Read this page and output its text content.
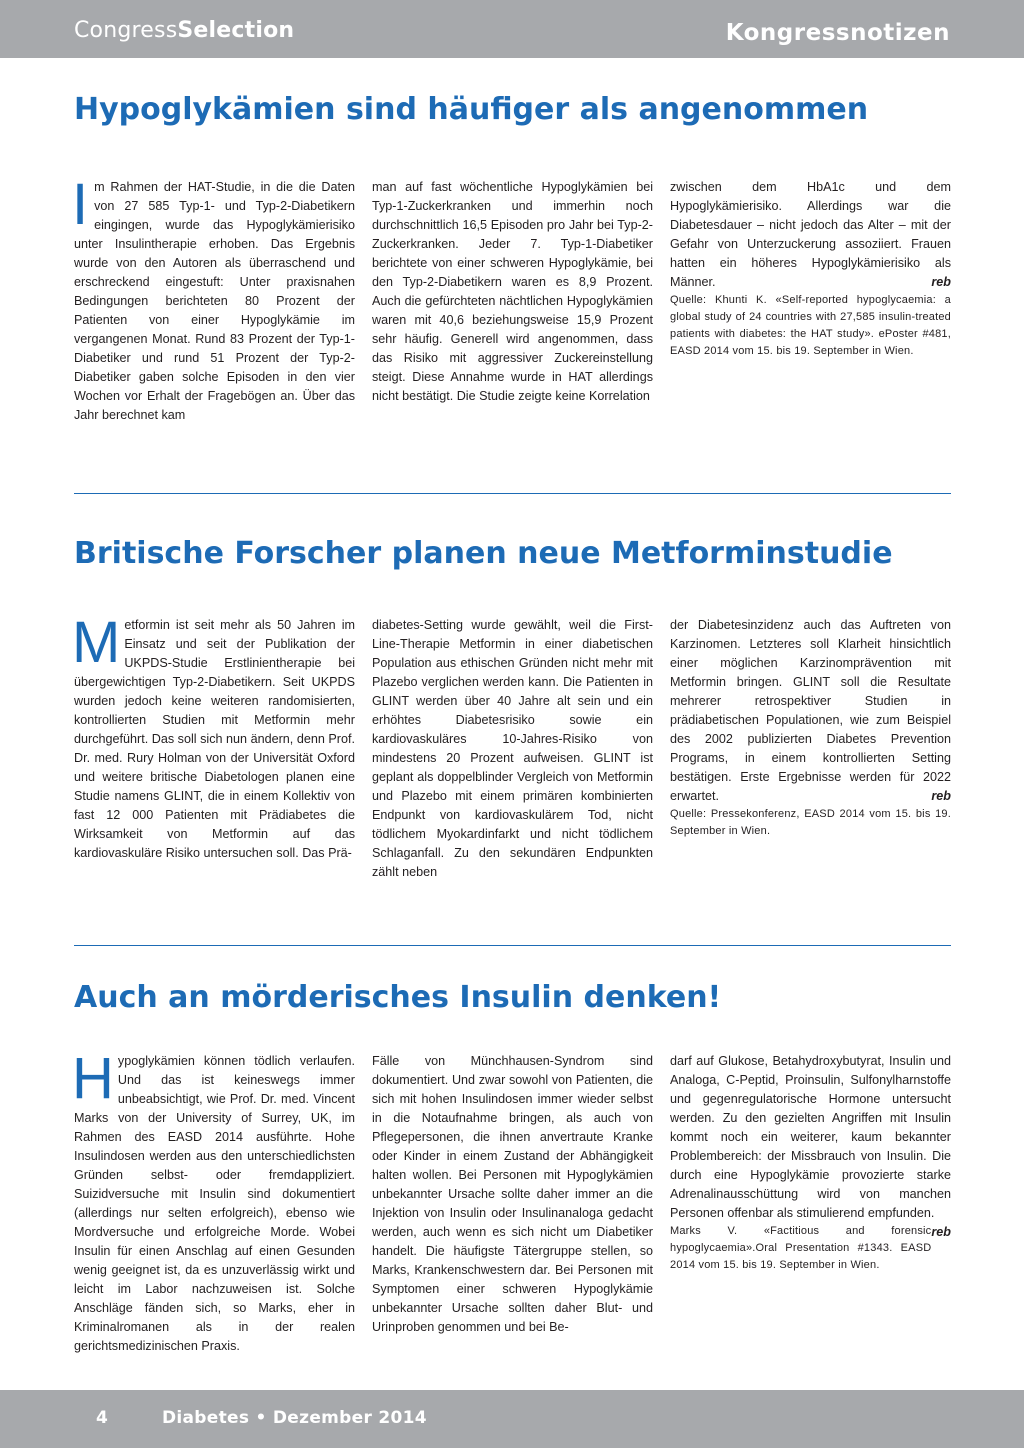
CongressSelection	Kongressnotizen
Hypoglykämien sind häufiger als angenommen

Im Rahmen der HAT-Studie, in die die Daten von 27 585 Typ-1- und Typ-2-Diabetikern eingingen, wurde das Hypoglykämierisiko unter Insulintherapie erhoben. Das Ergebnis wurde von den Autoren als überraschend und erschreckend eingestuft: Unter praxisnahen Bedingungen berichteten 80 Prozent der Patienten von einer Hypoglykämie im vergangenen Monat. Rund 83 Prozent der Typ-1-Diabetiker und rund 51 Prozent der Typ-2-Diabetiker gaben solche Episoden in den vier Wochen vor Erhalt der Fragebögen an. Über das Jahr berechnet kam

man auf fast wöchentliche Hypoglykämien bei Typ-1-Zuckerkranken und immerhin noch durchschnittlich 16,5 Episoden pro Jahr bei Typ-2-Zuckerkranken. Jeder 7. Typ-1-Diabetiker berichtete von einer schweren Hypoglykämie, bei den Typ-2-Diabetikern waren es 8,9 Prozent. Auch die gefürchteten nächtlichen Hypoglykämien waren mit 40,6 beziehungsweise 15,9 Prozent sehr häufig. Generell wird angenommen, dass das Risiko mit aggressiver Zuckereinstellung steigt. Diese Annahme wurde in HAT allerdings nicht bestätigt. Die Studie zeigte keine Korrelation

zwischen dem HbA1c und dem Hypoglykämierisiko. Allerdings war die Diabetesdauer – nicht jedoch das Alter – mit der Gefahr von Unterzuckerung assoziiert. Frauen hatten ein höheres Hypoglykämierisiko als Männer.	reb

Quelle: Khunti K. «Self-reported hypoglycaemia: a global study of 24 countries with 27,585 insulin-treated patients with diabetes: the HAT study». ePoster #481, EASD 2014 vom 15. bis 19. September in Wien.

Britische Forscher planen neue Metforminstudie

Metformin ist seit mehr als 50 Jahren im Einsatz und seit der Publikation der UKPDS-Studie Erstlinientherapie bei übergewichtigen Typ-2-Diabetikern. Seit UKPDS wurden jedoch keine weiteren randomisierten, kontrollierten Studien mit Metformin mehr durchgeführt. Das soll sich nun ändern, denn Prof. Dr. med. Rury Holman von der Universität Oxford und weitere britische Diabetologen planen eine Studie namens GLINT, die in einem Kollektiv von fast 12 000 Patienten mit Prädiabetes die Wirksamkeit von Metformin auf das kardiovaskuläre Risiko untersuchen soll. Das Prä-

diabetes-Setting wurde gewählt, weil die First-Line-Therapie Metformin in einer diabetischen Population aus ethischen Gründen nicht mehr mit Plazebo verglichen werden kann. Die Patienten in GLINT werden über 40 Jahre alt sein und ein erhöhtes Diabetesrisiko sowie ein kardiovaskuläres 10-Jahres-Risiko von mindestens 20 Prozent aufweisen. GLINT ist geplant als doppelblinder Vergleich von Metformin und Plazebo mit einem primären kombinierten Endpunkt von kardiovaskulärem Tod, nicht tödlichem Myokardinfarkt und nicht tödlichem Schlaganfall. Zu den sekundären Endpunkten zählt neben

der Diabetesinzidenz auch das Auftreten von Karzinomen. Letzteres soll Klarheit hinsichtlich einer möglichen Karzinomprävention mit Metformin bringen. GLINT soll die Resultate mehrerer retrospektiver Studien in prädiabetischen Populationen, wie zum Beispiel des 2002 publizierten Diabetes Prevention Programs, in einem kontrollierten Setting bestätigen. Erste Ergebnisse werden für 2022 erwartet.	reb

Quelle: Pressekonferenz, EASD 2014 vom 15. bis 19. September in Wien.

Auch an mörderisches Insulin denken!

Hypoglykämien können tödlich verlaufen. Und das ist keineswegs immer unbeabsichtigt, wie Prof. Dr. med. Vincent Marks von der University of Surrey, UK, im Rahmen des EASD 2014 ausführte. Hohe Insulindosen werden aus den unterschiedlichsten Gründen selbst- oder fremdappliziert. Suizidversuche mit Insulin sind dokumentiert (allerdings nur selten erfolgreich), ebenso wie Mordversuche und erfolgreiche Morde. Wobei Insulin für einen Anschlag auf einen Gesunden wenig geeignet ist, da es unzuverlässig wirkt und leicht im Labor nachzuweisen ist. Solche Anschläge fänden sich, so Marks, eher in Kriminalromanen als in der realen gerichtsmedizinischen Praxis.

Fälle von Münchhausen-Syndrom sind dokumentiert. Und zwar sowohl von Patienten, die sich mit hohen Insulindosen immer wieder selbst in die Notaufnahme bringen, als auch von Pflegepersonen, die ihnen anvertraute Kranke oder Kinder in einem Zustand der Abhängigkeit halten wollen. Bei Personen mit Hypoglykämien unbekannter Ursache sollte daher immer an die Injektion von Insulin oder Insulinanaloga gedacht werden, auch wenn es sich nicht um Diabetiker handelt. Die häufigste Tätergruppe stellen, so Marks, Krankenschwestern dar. Bei Personen mit Symptomen einer schweren Hypoglykämie unbekannter Ursache sollten daher Blut- und Urinproben genommen und bei Be-

darf auf Glukose, Betahydroxybutyrat, Insulin und Analoga, C-Peptid, Proinsulin, Sulfonylharnstoffe und gegenregulatorische Hormone untersucht werden. Zu den gezielten Angriffen mit Insulin kommt noch ein weiterer, kaum bekannter Problembereich: der Missbrauch von Insulin. Die durch eine Hypoglykämie provozierte starke Adrenalinausschüttung wird von manchen Personen offenbar als stimulierend empfunden.
reb

Marks V. «Factitious and forensic hypoglycaemia».Oral Presentation #1343. EASD 2014 vom 15. bis 19. September in Wien.

4	Diabetes • Dezember 2014
